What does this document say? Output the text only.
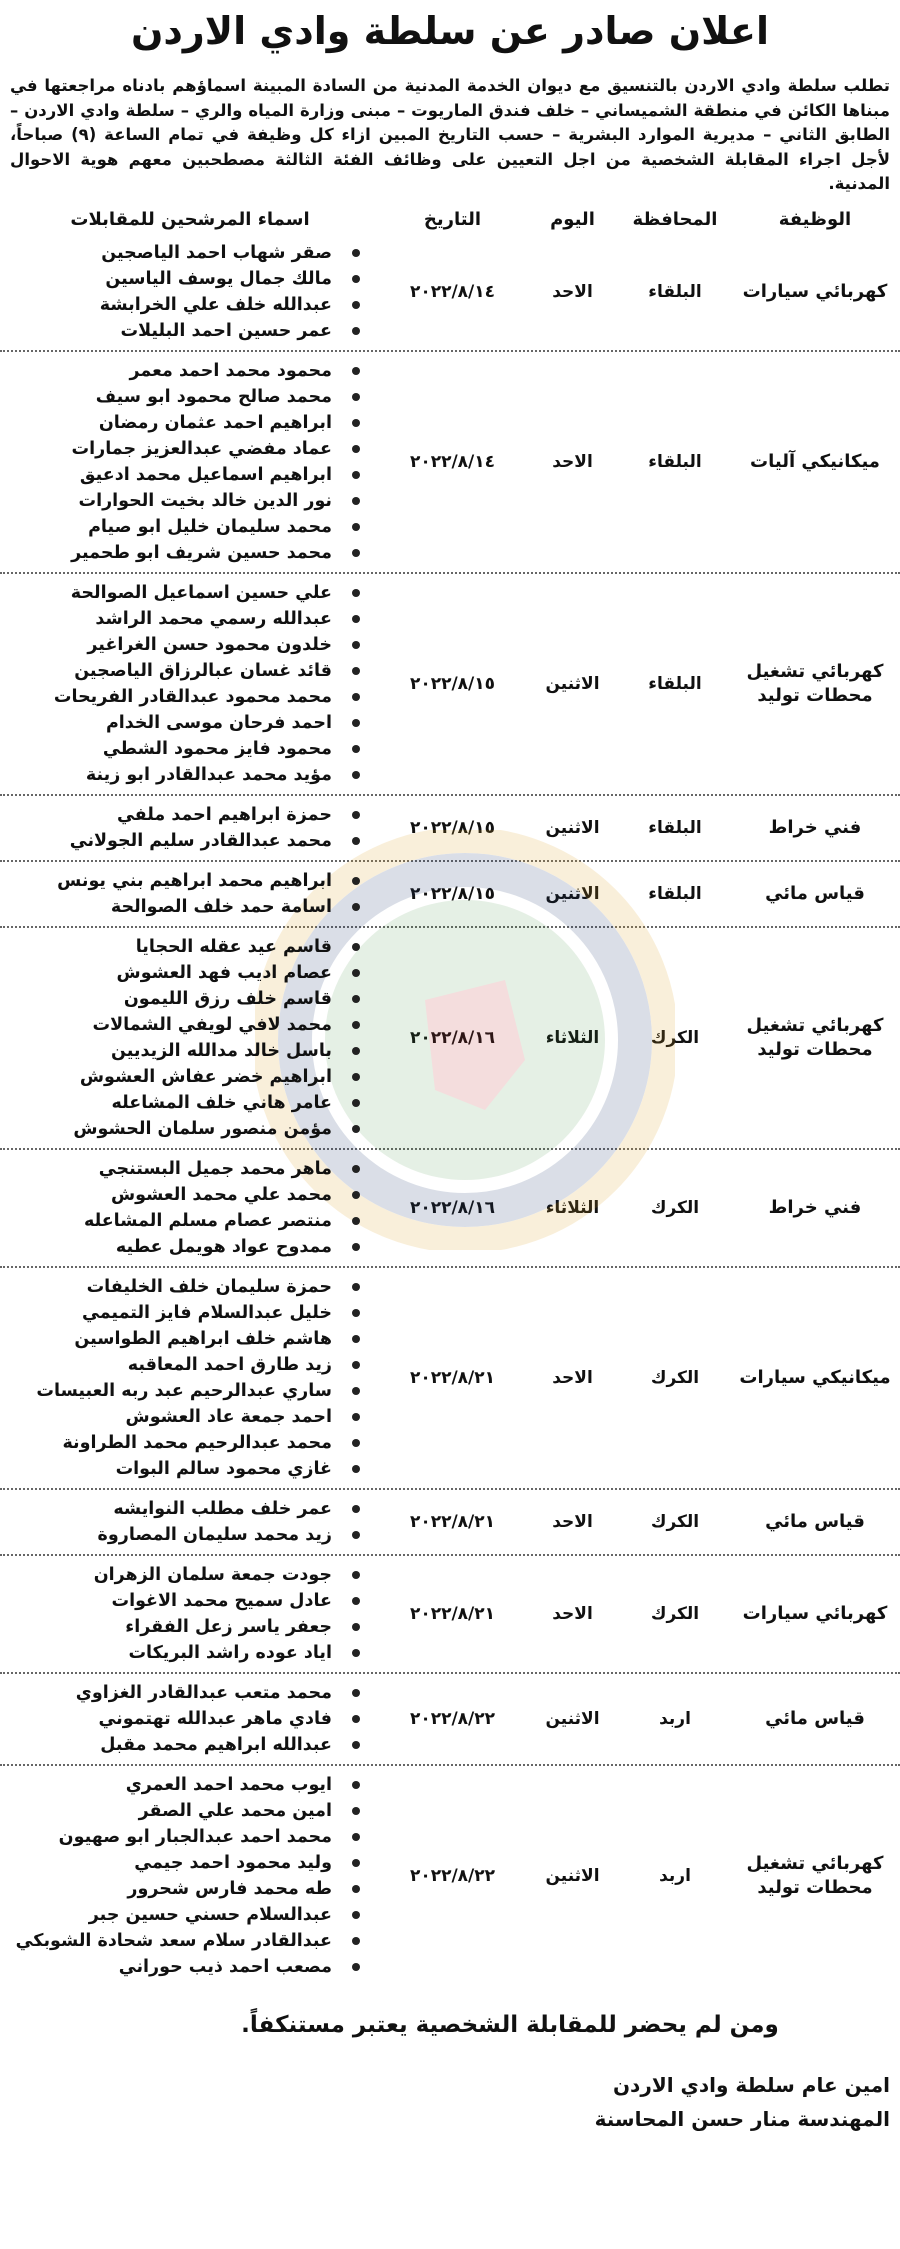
اعلان صادر عن سلطة وادي الاردن

تطلب سلطة وادي الاردن بالتنسيق مع ديوان الخدمة المدنية من السادة المبينة اسماؤهم بادناه مراجعتها في مبناها الكائن في منطقة الشميساني – خلف فندق الماريوت – مبنى وزارة المياه والري – سلطة وادي الاردن – الطابق الثاني – مديرية الموارد البشرية – حسب التاريخ المبين ازاء كل وظيفة في تمام الساعة (٩) صباحاً، لأجل اجراء المقابلة الشخصية من اجل التعيين على وظائف الفئة الثالثة مصطحبين معهم هوية الاحوال المدنية.

الوظيفة
المحافظة
اليوم
التاريخ
اسماء المرشحين للمقابلات
كهربائي سيارات
البلقاء
الاحد
٢٠٢٢/٨/١٤
صقر شهاب احمد الياصجين
مالك جمال يوسف الياسين
عبدالله خلف علي الخرابشة
عمر حسين احمد البليلات
ميكانيكي آليات
البلقاء
الاحد
٢٠٢٢/٨/١٤
محمود محمد احمد معمر
محمد صالح محمود ابو سيف
ابراهيم احمد عثمان رمضان
عماد مفضي عبدالعزيز جمارات
ابراهيم اسماعيل محمد ادعيق
نور الدين خالد بخيت الحوارات
محمد سليمان خليل ابو صيام
محمد حسين شريف ابو طحمير
كهربائي تشغيل محطات توليد
البلقاء
الاثنين
٢٠٢٢/٨/١٥
علي حسين اسماعيل الصوالحة
عبدالله رسمي محمد الراشد
خلدون محمود حسن الغراغير
قائد غسان عبالرزاق الياصجين
محمد محمود عبدالقادر الفريحات
احمد فرحان موسى الخدام
محمود فايز محمود الشطي
مؤيد محمد عبدالقادر ابو زينة
فني خراط
البلقاء
الاثنين
٢٠٢٢/٨/١٥
حمزة ابراهيم احمد ملفي
محمد عبدالقادر سليم الجولاني
قياس مائي
البلقاء
الاثنين
٢٠٢٢/٨/١٥
ابراهيم محمد ابراهيم بني يونس
اسامة حمد خلف الصوالحة
كهربائي تشغيل محطات توليد
الكرك
الثلاثاء
٢٠٢٢/٨/١٦
قاسم عيد عقله الحجايا
عصام اديب فهد العشوش
قاسم خلف رزق الليمون
محمد لافي لويفي الشمالات
باسل خالد مدالله الزيديين
ابراهيم خضر عفاش العشوش
عامر هاني خلف المشاعله
مؤمن منصور سلمان الحشوش
فني خراط
الكرك
الثلاثاء
٢٠٢٢/٨/١٦
ماهر محمد جميل البستنجي
محمد علي محمد العشوش
منتصر عصام مسلم المشاعله
ممدوح عواد هويمل عطيه
ميكانيكي سيارات
الكرك
الاحد
٢٠٢٢/٨/٢١
حمزة سليمان خلف الخليفات
خليل عبدالسلام فايز التميمي
هاشم خلف ابراهيم الطواسين
زيد طارق احمد المعاقبه
ساري عبدالرحيم عبد ربه العبيسات
احمد جمعة عاد العشوش
محمد عبدالرحيم محمد الطراونة
غازي محمود سالم البوات
قياس مائي
الكرك
الاحد
٢٠٢٢/٨/٢١
عمر خلف مطلب النوايشه
زيد محمد سليمان المصاروة
كهربائي سيارات
الكرك
الاحد
٢٠٢٢/٨/٢١
جودت جمعة سلمان الزهران
عادل سميح محمد الاغوات
جعفر ياسر زعل الفقراء
اياد عوده راشد البريكات
قياس مائي
اربد
الاثنين
٢٠٢٢/٨/٢٢
محمد متعب عبدالقادر الغزاوي
فادي ماهر عبدالله تهتموني
عبدالله ابراهيم محمد مقبل
كهربائي تشغيل محطات توليد
اربد
الاثنين
٢٠٢٢/٨/٢٢
ايوب محمد احمد العمري
امين محمد علي الصقر
محمد احمد عبدالجبار ابو صهيون
وليد محمود احمد جيمي
طه محمد فارس شحرور
عبدالسلام حسني حسين جبر
عبدالقادر سلام سعد شحادة الشوبكي
مصعب احمد ذيب حوراني
ومن لم يحضر للمقابلة الشخصية يعتبر مستنكفاً.
امين عام سلطة وادي الاردن
المهندسة منار حسن المحاسنة
